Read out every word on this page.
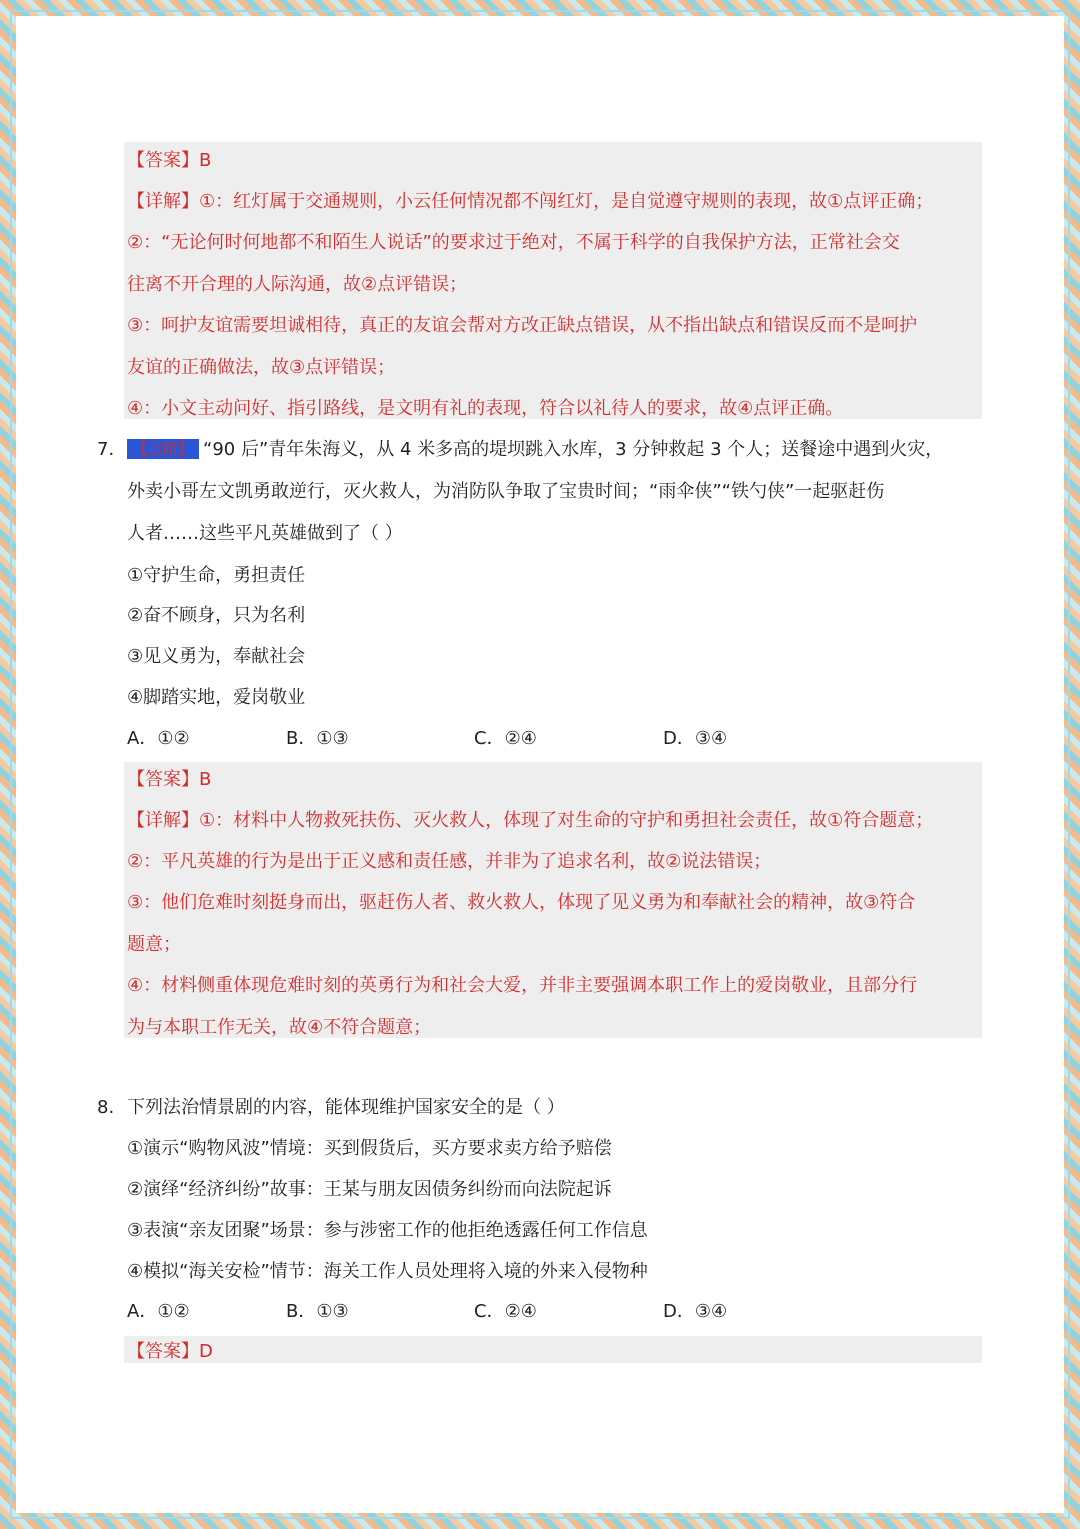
【答案】B
【详解】①：红灯属于交通规则，小云任何情况都不闯红灯，是自觉遵守规则的表现，故①点评正确；
②：“无论何时何地都不和陌生人说话”的要求过于绝对，不属于科学的自我保护方法，正常社会交
往离不开合理的人际沟通，故②点评错误；
③：呵护友谊需要坦诚相待，真正的友谊会帮对方改正缺点错误，从不指出缺点和错误反而不是呵护
友谊的正确做法，故③点评错误；
④：小文主动问好、指引路线，是文明有礼的表现，符合以礼待人的要求，故④点评正确。
7.	【点睛】 “90 后”青年朱海义，从 4 米多高的堤坝跳入水库，3 分钟救起 3 个人；送餐途中遇到火灾，
外卖小哥左文凯勇敢逆行，灭火救人，为消防队争取了宝贵时间；“雨伞侠”“铁勺侠”一起驱赶伤
人者……这些平凡英雄做到了（ ）
①守护生命，勇担责任
②奋不顾身，只为名利
③见义勇为，奉献社会
④脚踏实地，爱岗敬业
A．①②	B．①③	C．②④	D．③④
【答案】B
【详解】①：材料中人物救死扶伤、灭火救人，体现了对生命的守护和勇担社会责任，故①符合题意；
②：平凡英雄的行为是出于正义感和责任感，并非为了追求名利，故②说法错误；
③：他们危难时刻挺身而出，驱赶伤人者、救火救人，体现了见义勇为和奉献社会的精神，故③符合
题意；
④：材料侧重体现危难时刻的英勇行为和社会大爱，并非主要强调本职工作上的爱岗敬业，且部分行
为与本职工作无关，故④不符合题意；
8. 下列法治情景剧的内容，能体现维护国家安全的是（ ）
①演示“购物风波”情境：买到假货后，买方要求卖方给予赔偿
②演绎“经济纠纷”故事：王某与朋友因债务纠纷而向法院起诉
③表演“亲友团聚”场景：参与涉密工作的他拒绝透露任何工作信息
④模拟“海关安检”情节：海关工作人员处理将入境的外来入侵物种
A．①②	B．①③	C．②④	D．③④
【答案】D
